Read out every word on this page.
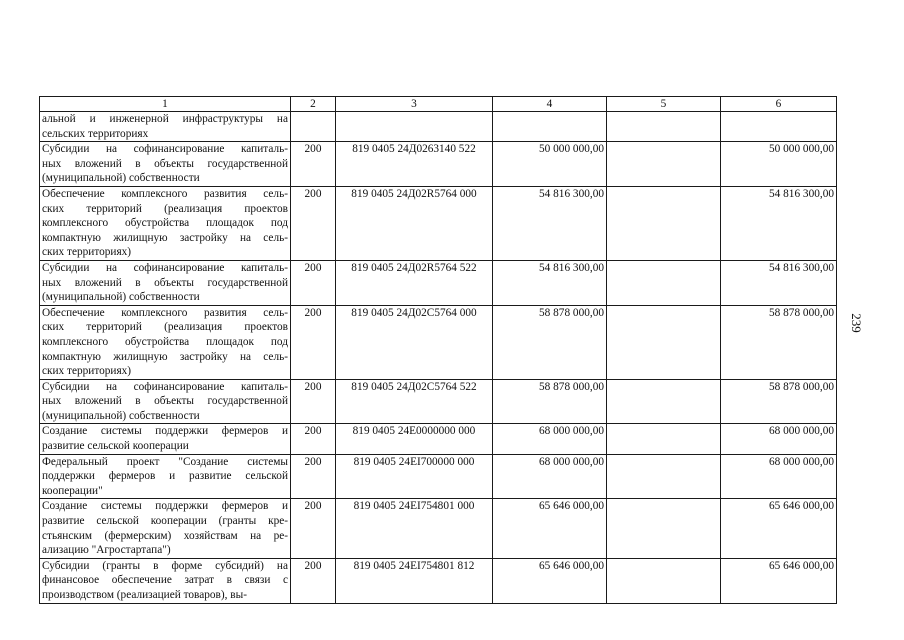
1	2	3	4	5	6

альной и инженерной инфраструктуры на
сельских территориях					

Субсидии на софинансирование капиталь-
ных вложений в объекты государственной
(муниципальной) собственности	200	819 0405 24Д0263140 522	50 000 000,00		50 000 000,00

Обеспечение комплексного развития сель-
ских территорий (реализация проектов
комплексного обустройства площадок под
компактную жилищную застройку на сель-
ских территориях)	200	819 0405 24Д02R5764 000	54 816 300,00		54 816 300,00

Субсидии на софинансирование капиталь-
ных вложений в объекты государственной
(муниципальной) собственности	200	819 0405 24Д02R5764 522	54 816 300,00		54 816 300,00

Обеспечение комплексного развития сель-
ских территорий (реализация проектов
комплексного обустройства площадок под
компактную жилищную застройку на сель-
ских территориях)	200	819 0405 24Д02С5764 000	58 878 000,00		58 878 000,00

Субсидии на софинансирование капиталь-
ных вложений в объекты государственной
(муниципальной) собственности	200	819 0405 24Д02С5764 522	58 878 000,00		58 878 000,00

Создание системы поддержки фермеров и
развитие сельской кооперации	200	819 0405 24E0000000 000	68 000 000,00		68 000 000,00

Федеральный проект "Создание системы
поддержки фермеров и развитие сельской
кооперации"	200	819 0405 24EI700000 000	68 000 000,00		68 000 000,00

Создание системы поддержки фермеров и
развитие сельской кооперации (гранты кре-
стьянским (фермерским) хозяйствам на ре-
ализацию "Агростартапа")	200	819 0405 24EI754801 000	65 646 000,00		65 646 000,00

Субсидии (гранты в форме субсидий) на
финансовое обеспечение затрат в связи с
производством (реализацией товаров), вы-	200	819 0405 24EI754801 812	65 646 000,00		65 646 000,00
239
